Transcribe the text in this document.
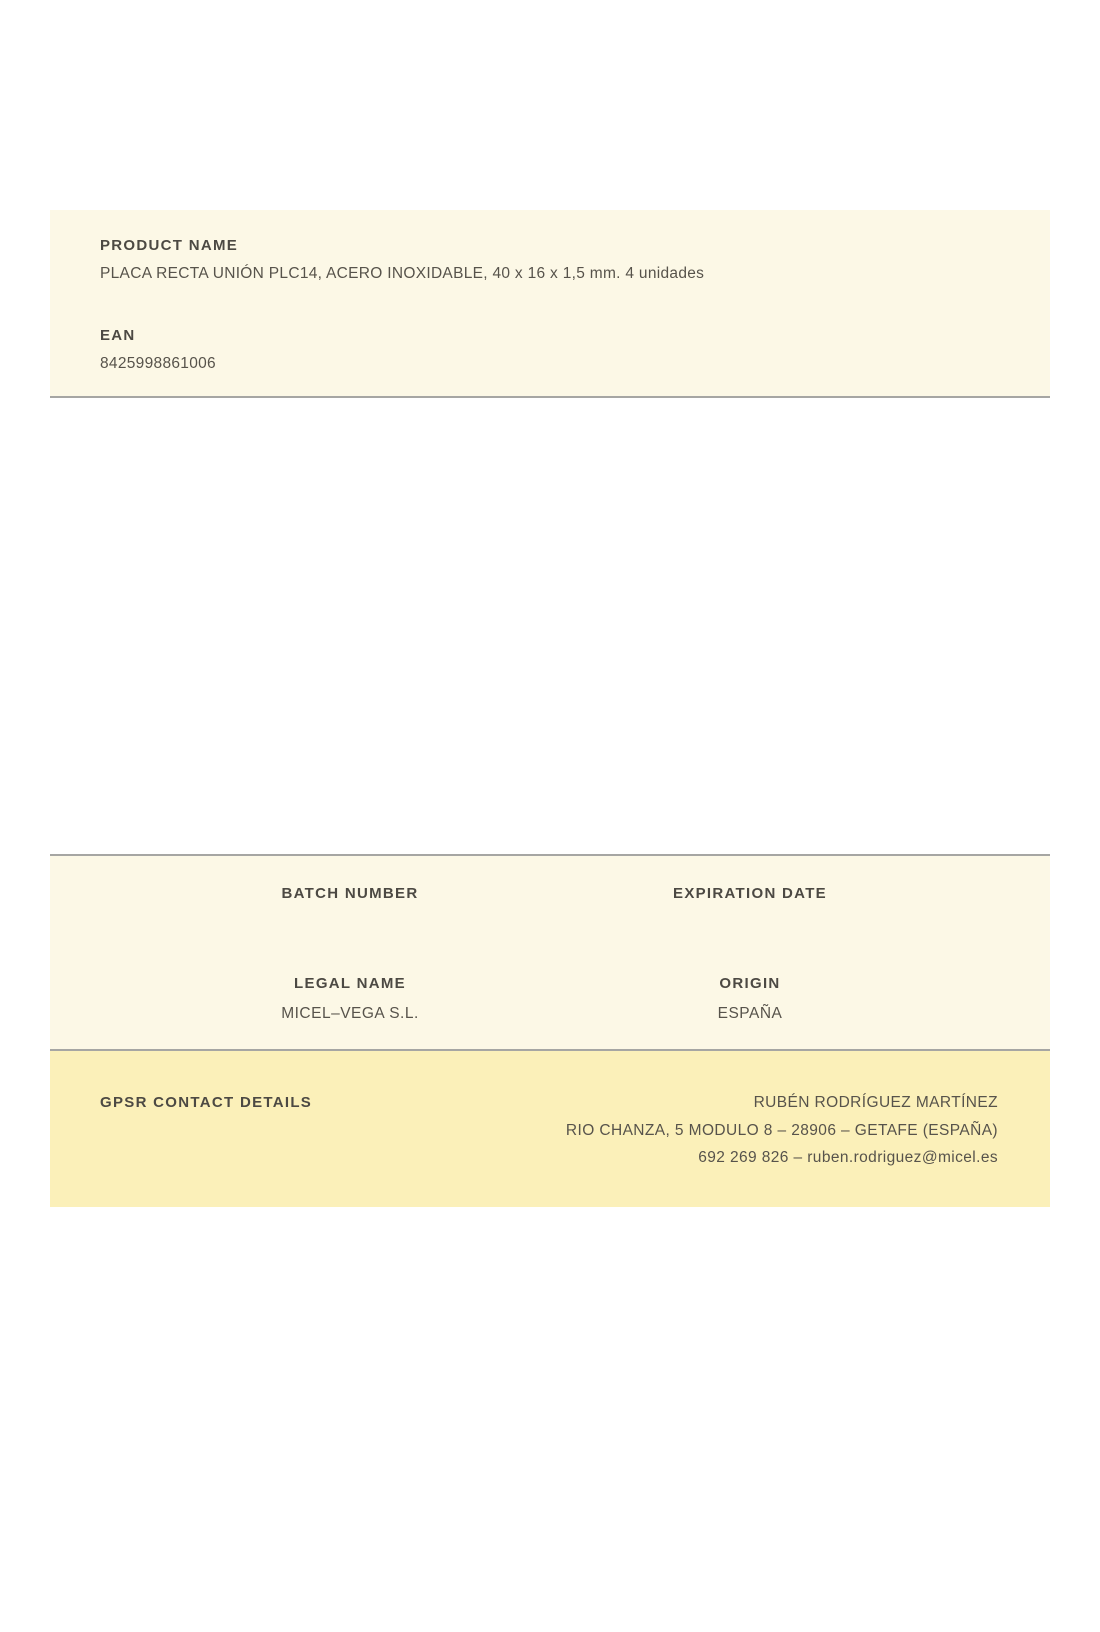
PRODUCT NAME
PLACA RECTA UNIÓN PLC14, ACERO INOXIDABLE, 40 x 16 x 1,5 mm. 4 unidades
EAN
8425998861006
BATCH NUMBER	EXPIRATION DATE
LEGAL NAME
MICEL–VEGA S.L.
ORIGIN
ESPAÑA
GPSR CONTACT DETAILS	RUBÉN RODRÍGUEZ MARTÍNEZ
RIO CHANZA, 5 MODULO 8 – 28906 – GETAFE (ESPAÑA)
692 269 826 – ruben.rodriguez@micel.es
